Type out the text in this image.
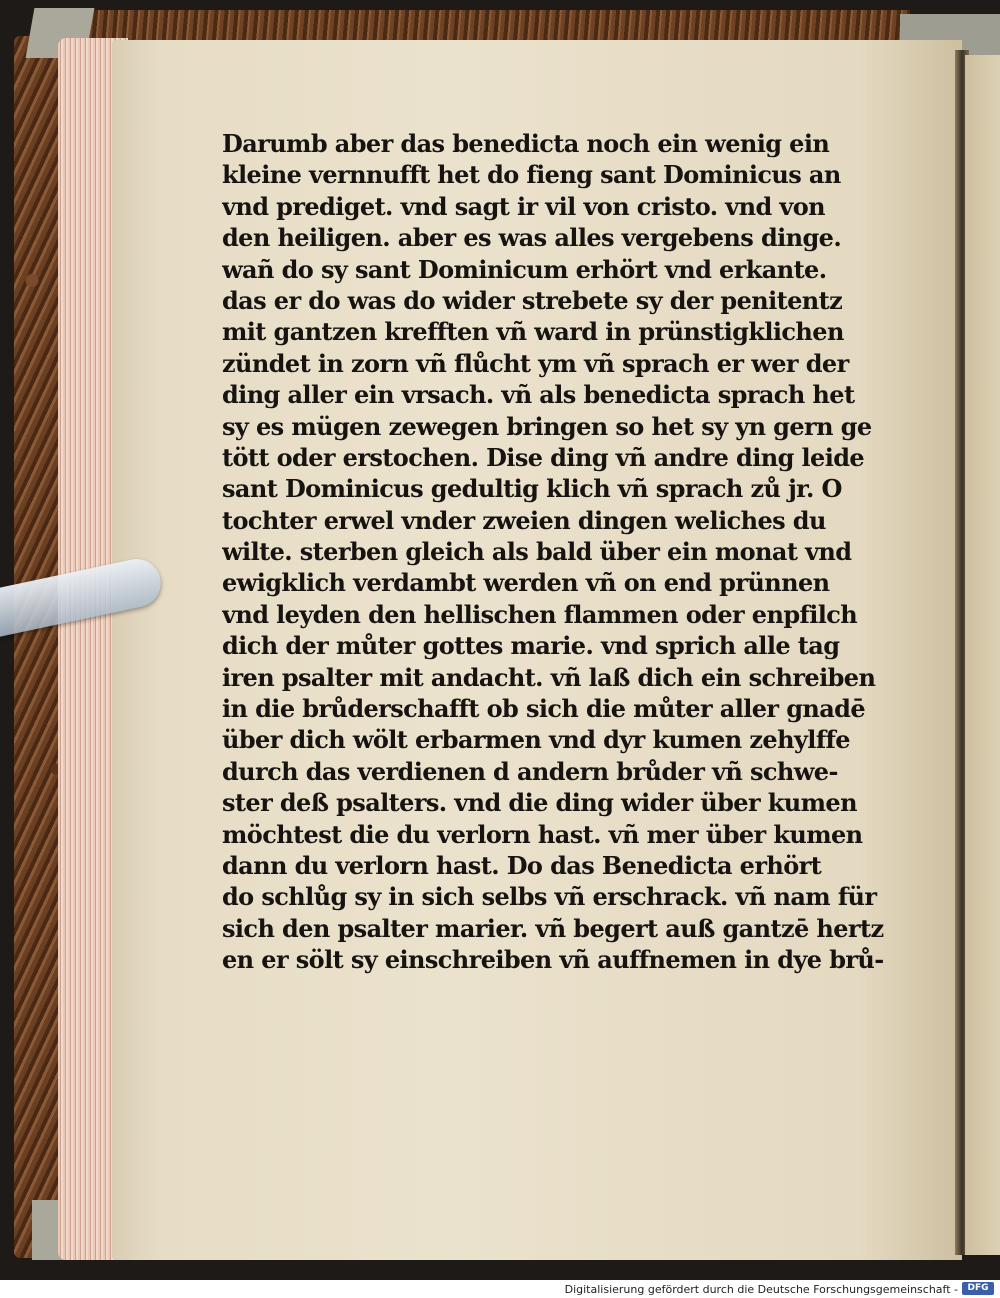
Darumb aber das benedicta noch ein wenig ein
kleine vernnufft het do fieng sant Dominicus an
vnd prediget. vnd sagt ir vil von cristo. vnd von
den heiligen. aber es was alles vergebens dinge.
wañ do sy sant Dominicum erhört vnd erkante.
das er do was do wider strebete sy der penitentz
mit gantzen krefften vñ ward in prünstigklichen
zündet in zorn vñ flůcht ym vñ sprach er wer der
ding aller ein vrsach. vñ als benedicta sprach het
sy es mügen zewegen bringen so het sy yn gern ge
tött oder erstochen. Dise ding vñ andre ding leide
sant Dominicus gedultig klich vñ sprach zů jr. O
tochter erwel vnder zweien dingen weliches du
wilte. sterben gleich als bald über ein monat vnd
ewigklich verdambt werden vñ on end prünnen
vnd leyden den hellischen flammen oder enpfilch
dich der můter gottes marie. vnd sprich alle tag
iren psalter mit andacht. vñ laß dich ein schreiben
in die brůderschafft ob sich die můter aller gnadē
über dich wölt erbarmen vnd dyr kumen zehylffe
durch das verdienen d andern brůder vñ schwe-
ster deß psalters. vnd die ding wider über kumen
möchtest die du verlorn hast. vñ mer über kumen
dann du verlorn hast. Do das Benedicta erhört
do schlůg sy in sich selbs vñ erschrack. vñ nam für
sich den psalter marier. vñ begert auß gantzē hertz
en er sölt sy einschreiben vñ auffnemen in dye brů-
Digitalisierung gefördert durch die Deutsche Forschungsgemeinschaft -	DFG
